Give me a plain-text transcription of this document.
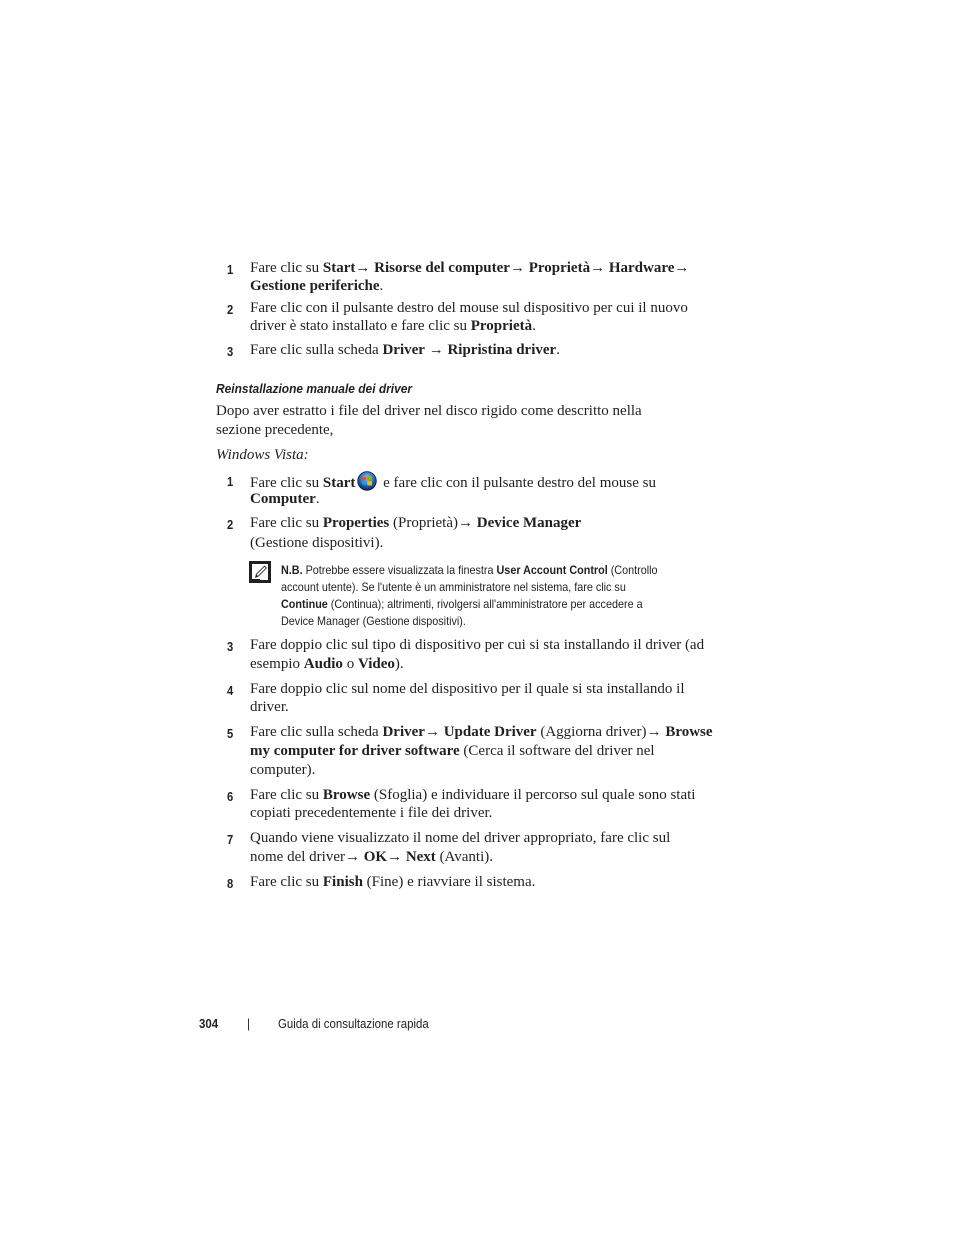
1 Fare clic su Start→ Risorse del computer→ Proprietà→ Hardware→
Gestione periferiche.
2 Fare clic con il pulsante destro del mouse sul dispositivo per cui il nuovo
driver è stato installato e fare clic su Proprietà.
3 Fare clic sulla scheda Driver → Ripristina driver.
Reinstallazione manuale dei driver
Dopo aver estratto i file del driver nel disco rigido come descritto nella
sezione precedente,
Windows Vista:
1 Fare clic su Start e fare clic con il pulsante destro del mouse su
Computer.
2 Fare clic su Properties (Proprietà)→ Device Manager
(Gestione dispositivi).
N.B. Potrebbe essere visualizzata la finestra User Account Control (Controllo
account utente). Se l'utente è un amministratore nel sistema, fare clic su
Continue (Continua); altrimenti, rivolgersi all'amministratore per accedere a
Device Manager (Gestione dispositivi).
3 Fare doppio clic sul tipo di dispositivo per cui si sta installando il driver (ad
esempio Audio o Video).
4 Fare doppio clic sul nome del dispositivo per il quale si sta installando il
driver.
5 Fare clic sulla scheda Driver→ Update Driver (Aggiorna driver)→ Browse
my computer for driver software (Cerca il software del driver nel
computer).
6 Fare clic su Browse (Sfoglia) e individuare il percorso sul quale sono stati
copiati precedentemente i file dei driver.
7 Quando viene visualizzato il nome del driver appropriato, fare clic sul
nome del driver→ OK→ Next (Avanti).
8 Fare clic su Finish (Fine) e riavviare il sistema.
304 | Guida di consultazione rapida
